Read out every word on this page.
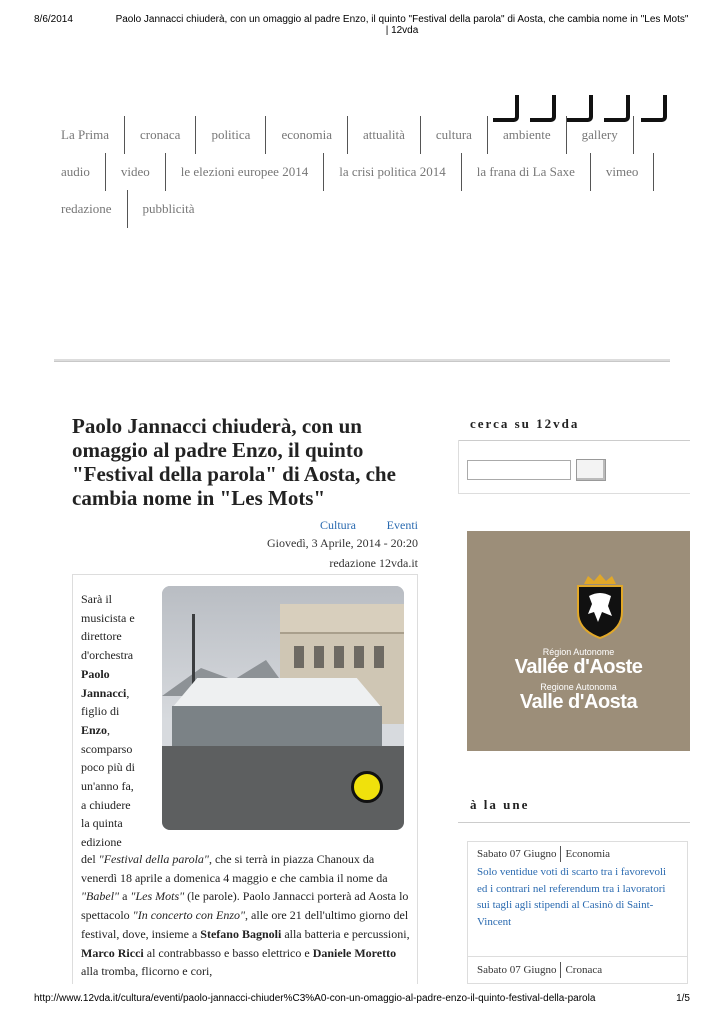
8/6/2014	Paolo Jannacci chiuderà, con un omaggio al padre Enzo, il quinto "Festival della parola" di Aosta, che cambia nome in "Les Mots" | 12vda
La Prima	cronaca	politica	economia	attualità	cultura	ambiente	gallery
audio	video	le elezioni europee 2014	la crisi politica 2014	la frana di La Saxe	vimeo
redazione	pubblicità
Paolo Jannacci chiuderà, con un omaggio al padre Enzo, il quinto "Festival della parola" di Aosta, che cambia nome in "Les Mots"
Cultura	Eventi
Giovedì, 3 Aprile, 2014 - 20:20
redazione 12vda.it
Sarà il
musicista e
direttore
d'orchestra
Paolo
Jannacci,
figlio di
Enzo,
scomparso
poco più di
un'anno fa,
a chiudere
la quinta
edizione
del "Festival della parola", che si terrà in piazza Chanoux da venerdì 18 aprile a domenica 4 maggio e che cambia il nome da "Babel" a "Les Mots" (le parole). Paolo Jannacci porterà ad Aosta lo spettacolo "In concerto con Enzo", alle ore 21 dell'ultimo giorno del festival, dove, insieme a Stefano Bagnoli alla batteria e percussioni, Marco Ricci al contrabbasso e basso elettrico e Daniele Moretto alla tromba, flicorno e cori,
cerca su 12vda
Région Autonome
Vallée d'Aoste
Regione Autonoma
Valle d'Aosta
à la une
Sabato 07 Giugno Economia
Solo ventidue voti di scarto tra i favorevoli ed i contrari nel referendum tra i lavoratori sui tagli agli stipendi al Casinò di Saint-Vincent
Sabato 07 Giugno Cronaca
http://www.12vda.it/cultura/eventi/paolo-jannacci-chiuder%C3%A0-con-un-omaggio-al-padre-enzo-il-quinto-festival-della-parola	1/5
